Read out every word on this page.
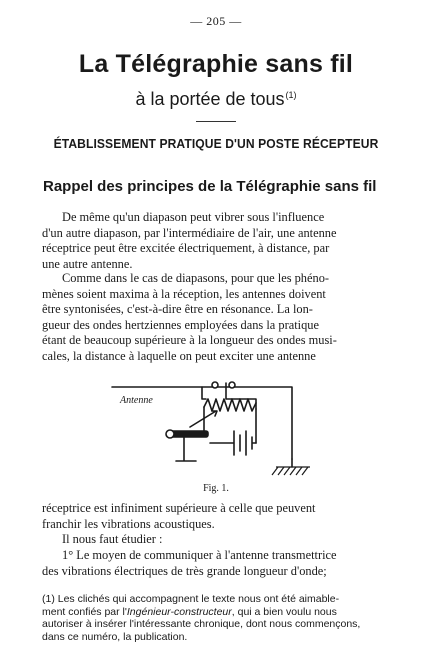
— 205 —
La Télégraphie sans fil
à la portée de tous$^{(1)}$
ÉTABLISSEMENT PRATIQUE D'UN POSTE RÉCEPTEUR
Rappel des principes de la Télégraphie sans fil
De même qu'un diapason peut vibrer sous l'influence
d'un autre diapason, par l'intermédiaire de l'air, une antenne
réceptrice peut être excitée électriquement, à distance, par
une autre antenne.
Comme dans le cas de diapasons, pour que les phéno-
mènes soient maxima à la réception, les antennes doivent
être syntonisées, c'est-à-dire être en résonance. La lon-
gueur des ondes hertziennes employées dans la pratique
étant de beaucoup supérieure à la longueur des ondes musi-
cales, la distance à laquelle on peut exciter une antenne
Antenne
Fig. 1.
réceptrice est infiniment supérieure à celle que peuvent
franchir les vibrations acoustiques.
Il nous faut étudier :
1° Le moyen de communiquer à l'antenne transmettrice
des vibrations électriques de très grande longueur d'onde;
(1) Les clichés qui accompagnent le texte nous ont été aimable-
ment confiés par l'Ingénieur-constructeur, qui a bien voulu nous
autoriser à insérer l'intéressante chronique, dont nous commençons,
dans ce numéro, la publication.
